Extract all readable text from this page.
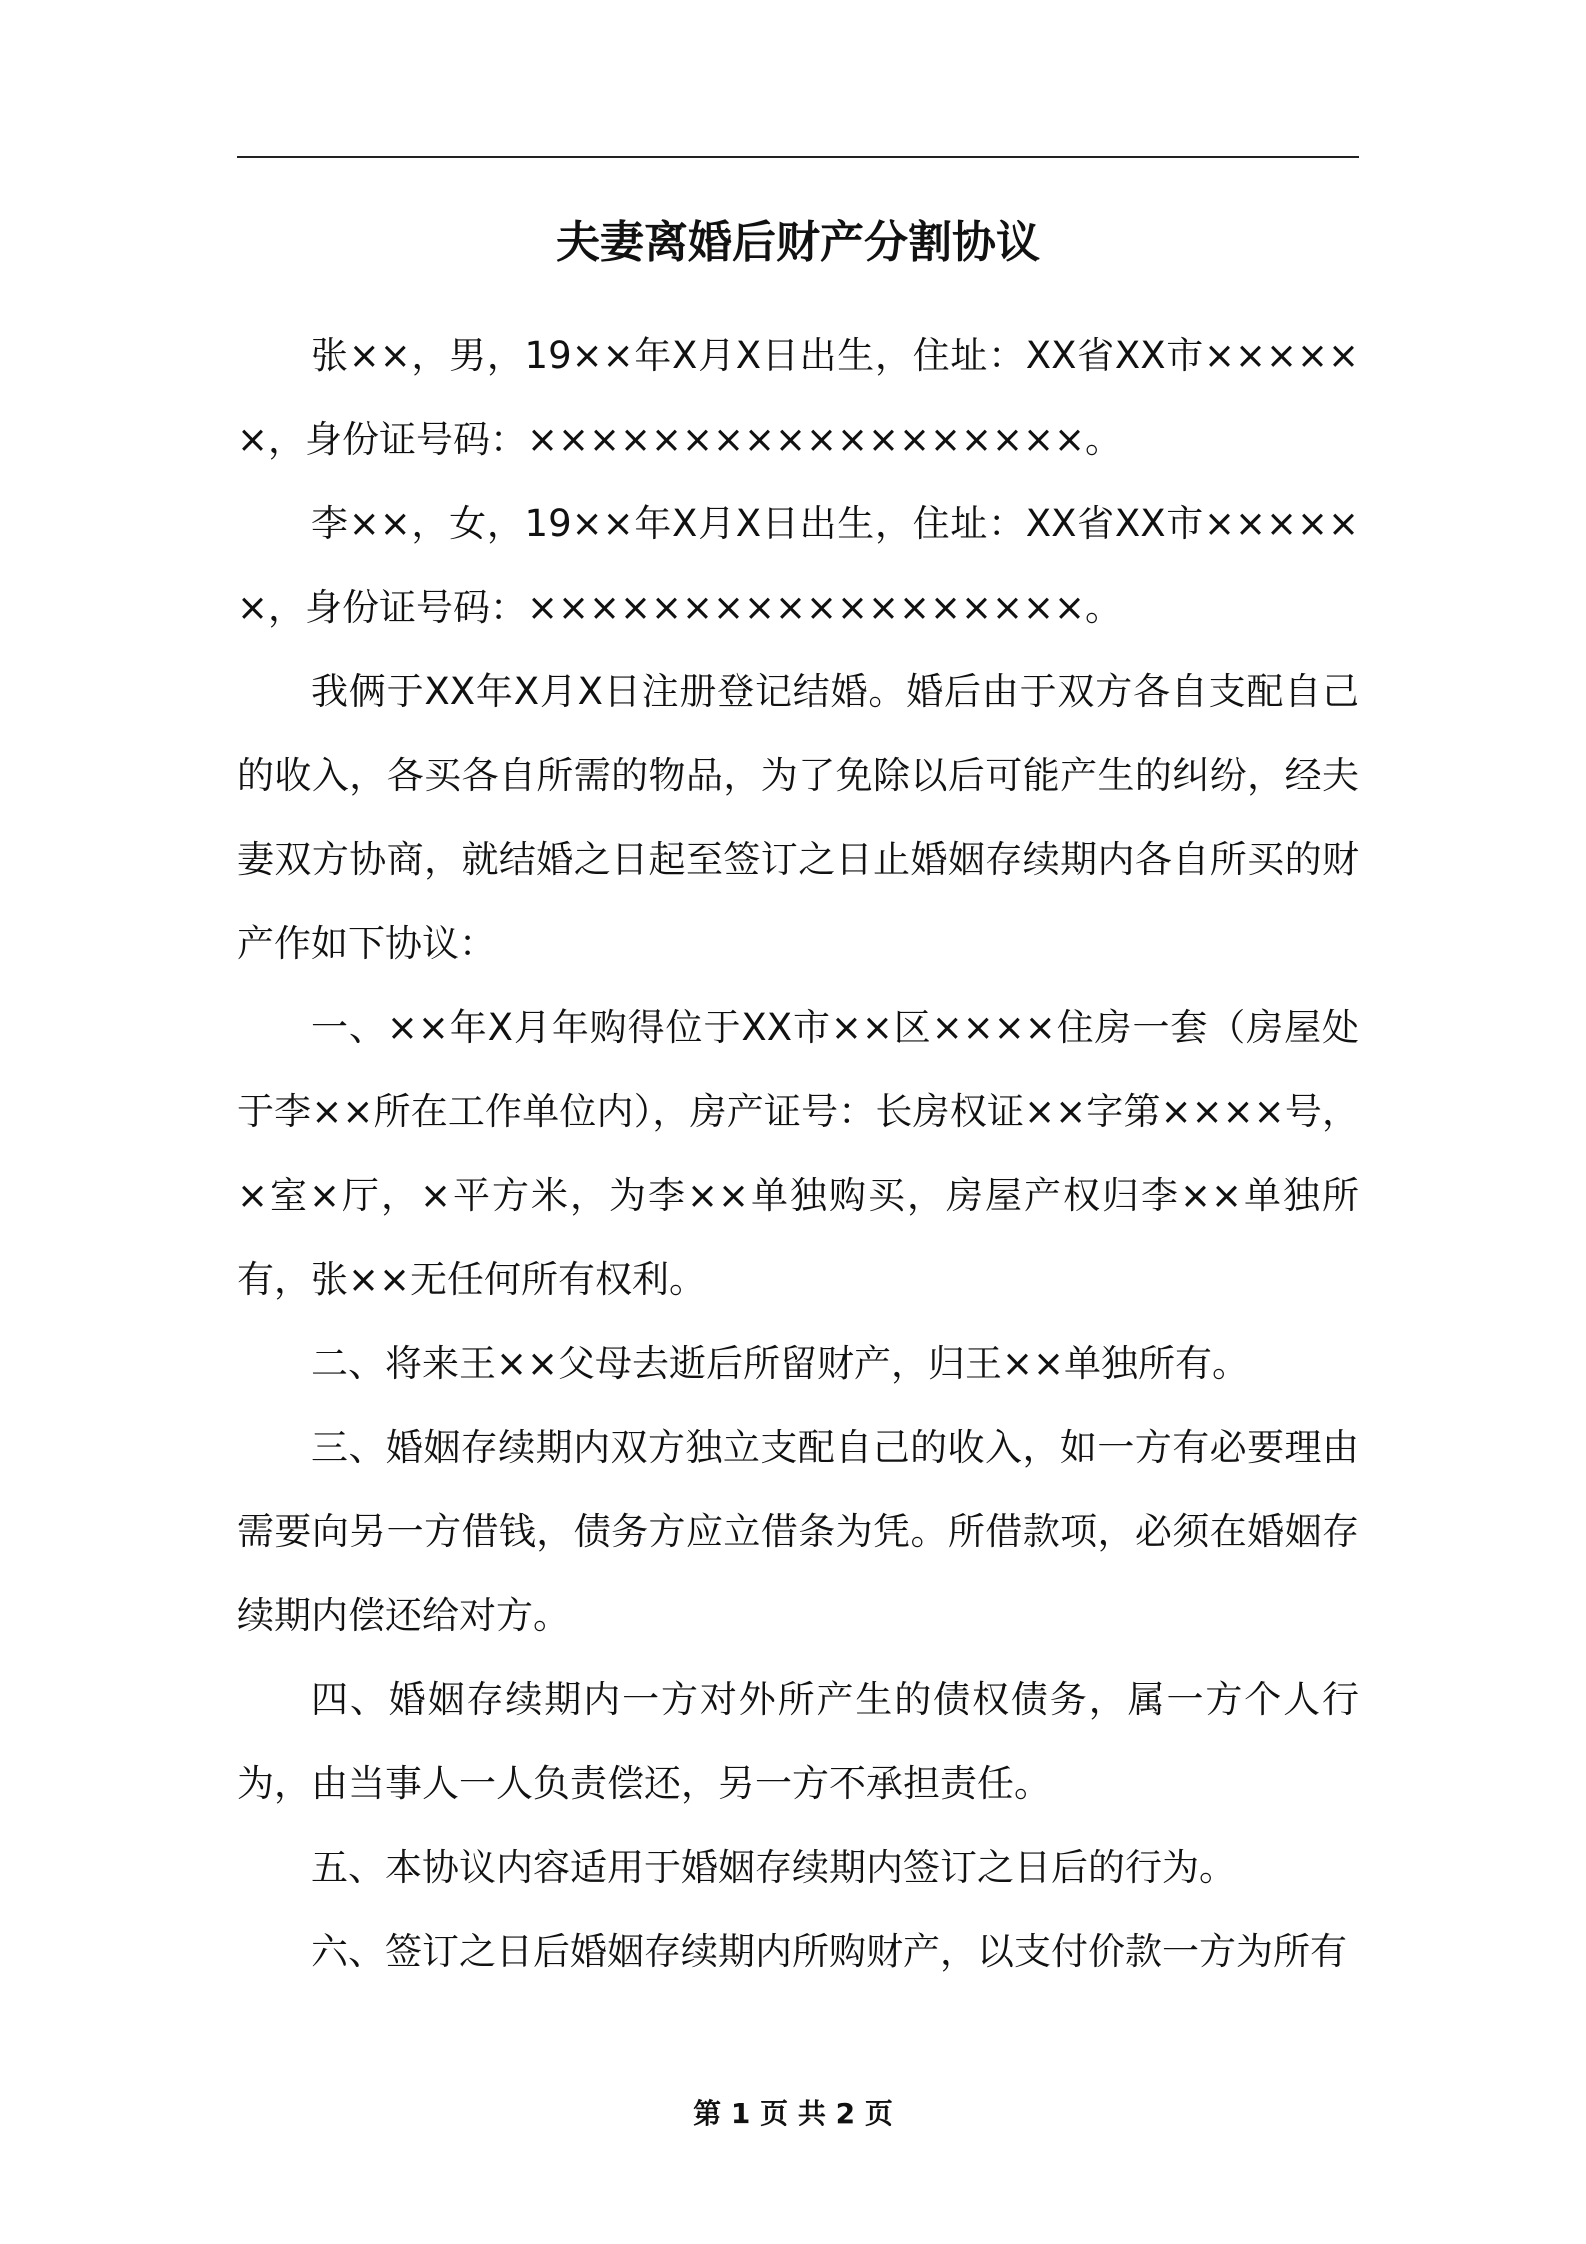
夫妻离婚后财产分割协议

张××，男，19××年X月X日出生，住址：XX省XX市××××××，身份证号码：××××××××××××××××××。

李××，女，19××年X月X日出生，住址：XX省XX市××××××，身份证号码：××××××××××××××××××。

我俩于XX年X月X日注册登记结婚。婚后由于双方各自支配自己的收入，各买各自所需的物品，为了免除以后可能产生的纠纷，经夫妻双方协商，就结婚之日起至签订之日止婚姻存续期内各自所买的财产作如下协议：

一、××年X月年购得位于XX市××区××××住房一套（房屋处于李××所在工作单位内），房产证号：长房权证××字第××××号，×室×厅，×平方米，为李××单独购买，房屋产权归李××单独所有，张××无任何所有权利。

二、将来王××父母去逝后所留财产，归王××单独所有。

三、婚姻存续期内双方独立支配自己的收入，如一方有必要理由需要向另一方借钱，债务方应立借条为凭。所借款项，必须在婚姻存续期内偿还给对方。

四、婚姻存续期内一方对外所产生的债权债务，属一方个人行为，由当事人一人负责偿还，另一方不承担责任。

五、本协议内容适用于婚姻存续期内签订之日后的行为。

六、签订之日后婚姻存续期内所购财产，以支付价款一方为所有

第 1 页 共 2 页
